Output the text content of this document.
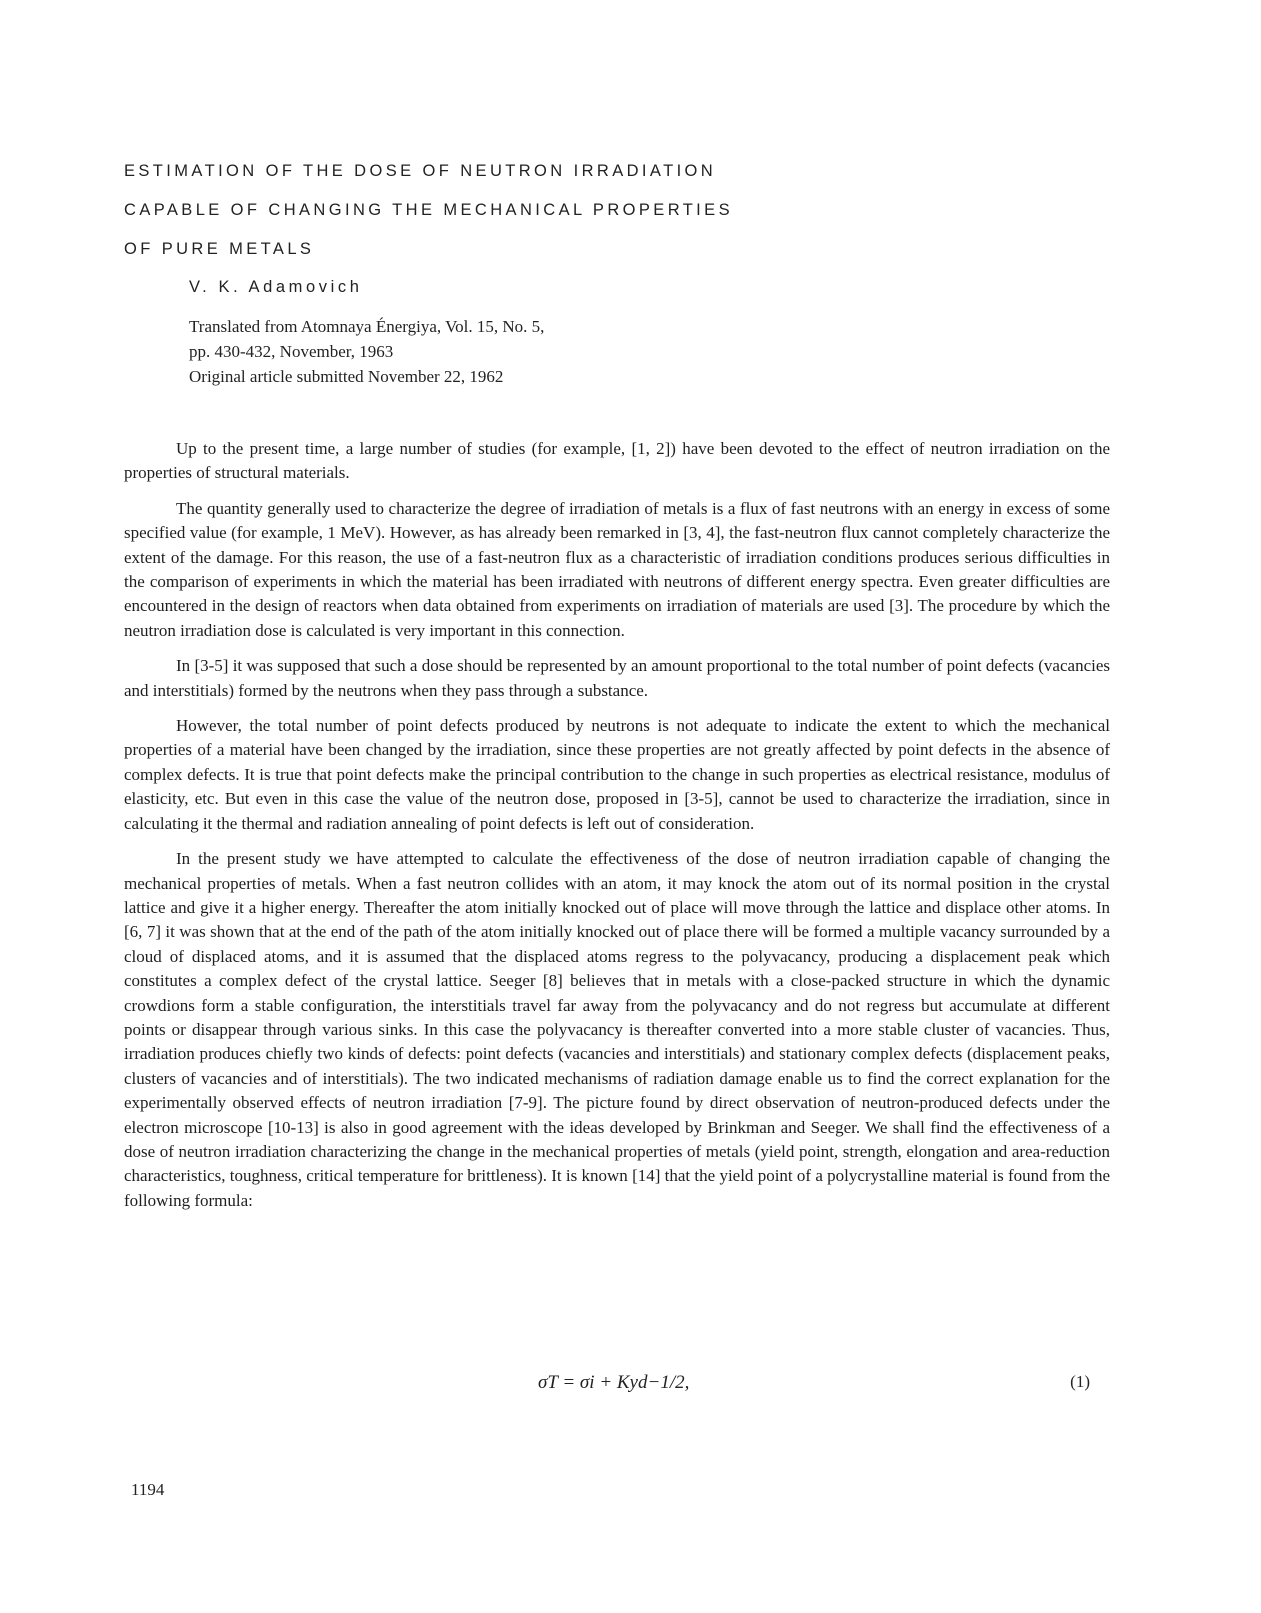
ESTIMATION OF THE DOSE OF NEUTRON IRRADIATION
CAPABLE OF CHANGING THE MECHANICAL PROPERTIES
OF PURE METALS
V. K. Adamovich
Translated from Atomnaya Énergiya, Vol. 15, No. 5,
pp. 430-432, November, 1963
Original article submitted November 22, 1962

Up to the present time, a large number of studies (for example, [1, 2]) have been devoted to the effect of neutron irradiation on the properties of structural materials.

The quantity generally used to characterize the degree of irradiation of metals is a flux of fast neutrons with an energy in excess of some specified value (for example, 1 MeV). However, as has already been remarked in [3, 4], the fast-neutron flux cannot completely characterize the extent of the damage. For this reason, the use of a fast-neutron flux as a characteristic of irradiation conditions produces serious difficulties in the comparison of experiments in which the material has been irradiated with neutrons of different energy spectra. Even greater difficulties are encountered in the design of reactors when data obtained from experiments on irradiation of materials are used [3]. The procedure by which the neutron irradiation dose is calculated is very important in this connection.

In [3-5] it was supposed that such a dose should be represented by an amount proportional to the total number of point defects (vacancies and interstitials) formed by the neutrons when they pass through a substance.

However, the total number of point defects produced by neutrons is not adequate to indicate the extent to which the mechanical properties of a material have been changed by the irradiation, since these properties are not greatly affected by point defects in the absence of complex defects. It is true that point defects make the principal contribution to the change in such properties as electrical resistance, modulus of elasticity, etc. But even in this case the value of the neutron dose, proposed in [3-5], cannot be used to characterize the irradiation, since in calculating it the thermal and radiation annealing of point defects is left out of consideration.

In the present study we have attempted to calculate the effectiveness of the dose of neutron irradiation capable of changing the mechanical properties of metals. When a fast neutron collides with an atom, it may knock the atom out of its normal position in the crystal lattice and give it a higher energy. Thereafter the atom initially knocked out of place will move through the lattice and displace other atoms. In [6, 7] it was shown that at the end of the path of the atom initially knocked out of place there will be formed a multiple vacancy surrounded by a cloud of displaced atoms, and it is assumed that the displaced atoms regress to the polyvacancy, producing a displacement peak which constitutes a complex defect of the crystal lattice. Seeger [8] believes that in metals with a close-packed structure in which the dynamic crowdions form a stable configuration, the interstitials travel far away from the polyvacancy and do not regress but accumulate at different points or disappear through various sinks. In this case the polyvacancy is thereafter converted into a more stable cluster of vacancies. Thus, irradiation produces chiefly two kinds of defects: point defects (vacancies and interstitials) and stationary complex defects (displacement peaks, clusters of vacancies and of interstitials). The two indicated mechanisms of radiation damage enable us to find the correct explanation for the experimentally observed effects of neutron irradiation [7-9]. The picture found by direct observation of neutron-produced defects under the electron microscope [10-13] is also in good agreement with the ideas developed by Brinkman and Seeger. We shall find the effectiveness of a dose of neutron irradiation characterizing the change in the mechanical properties of metals (yield point, strength, elongation and area-reduction characteristics, toughness, critical temperature for brittleness). It is known [14] that the yield point of a polycrystalline material is found from the following formula:

σT = σi + Kyd−1/2,	(1)
1194
